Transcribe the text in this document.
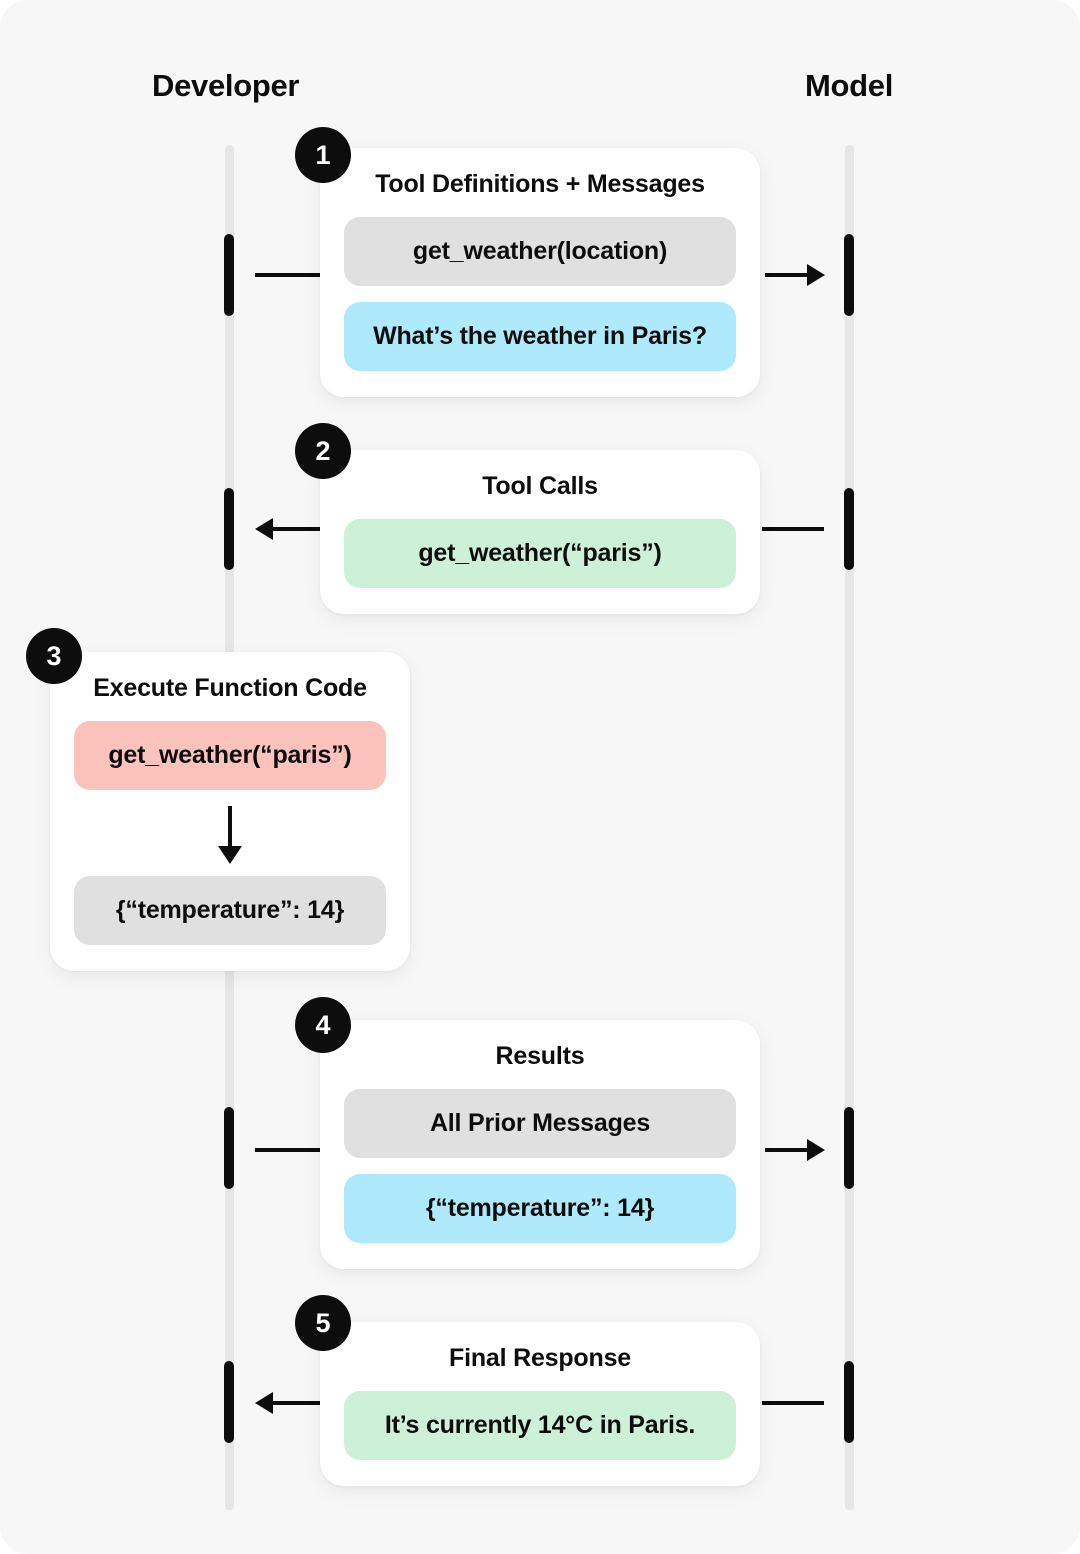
Developer	Model
Tool Definitions + Messages
get_weather(location)
What’s the weather in Paris?
1
Tool Calls
get_weather(“paris”)
2
Execute Function Code
get_weather(“paris”)
{“temperature”: 14}
3
Results
All Prior Messages
{“temperature”: 14}
4
Final Response
It’s currently 14°C in Paris.
5
